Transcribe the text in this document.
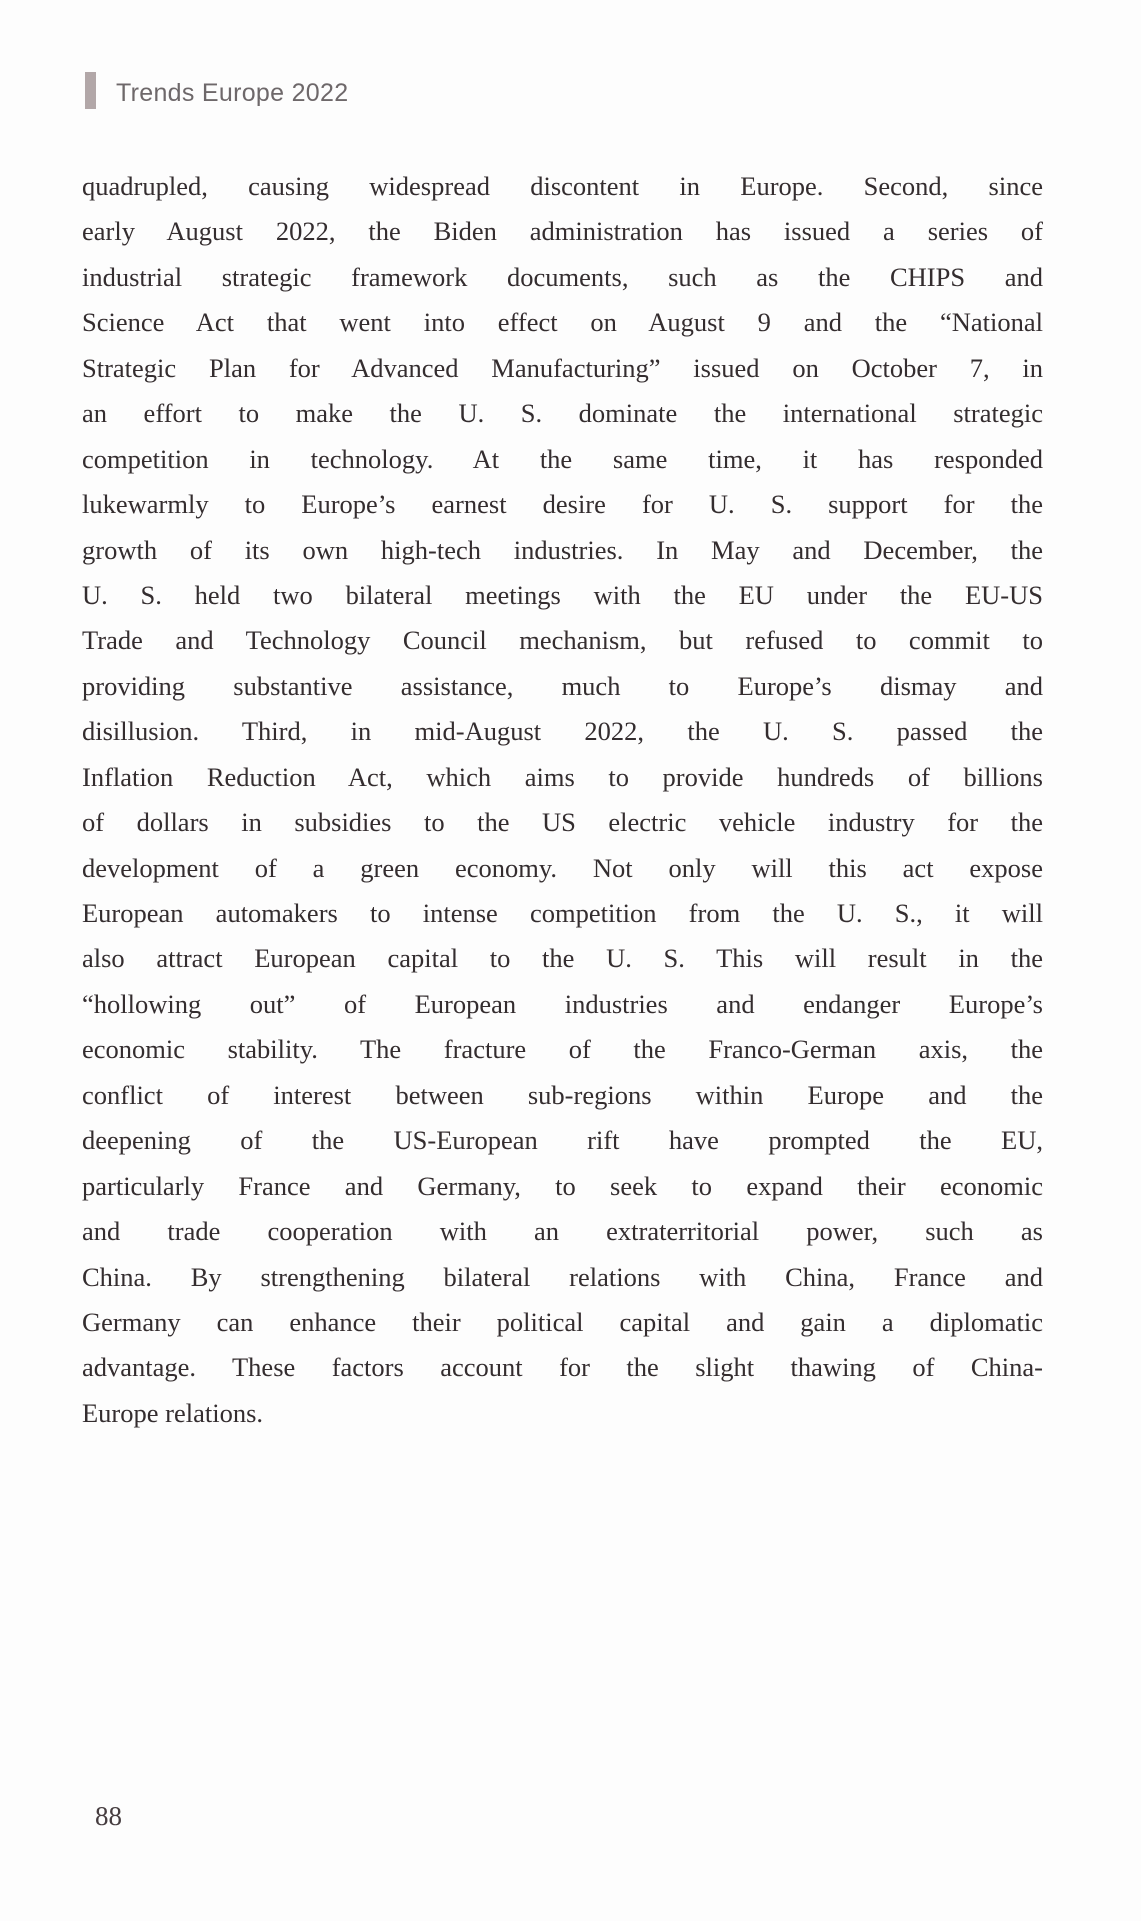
Trends Europe 2022
quadrupled, causing widespread discontent in Europe. Second, since
early August 2022, the Biden administration has issued a series of
industrial strategic framework documents, such as the CHIPS and
Science Act that went into effect on August 9 and the “National
Strategic Plan for Advanced Manufacturing” issued on October 7, in
an effort to make the U. S. dominate the international strategic
competition in technology. At the same time, it has responded
lukewarmly to Europe’s earnest desire for U. S. support for the
growth of its own high-tech industries. In May and December, the
U. S. held two bilateral meetings with the EU under the EU-US
Trade and Technology Council mechanism, but refused to commit to
providing substantive assistance, much to Europe’s dismay and
disillusion. Third, in mid-August 2022, the U. S. passed the
Inflation Reduction Act, which aims to provide hundreds of billions
of dollars in subsidies to the US electric vehicle industry for the
development of a green economy. Not only will this act expose
European automakers to intense competition from the U. S., it will
also attract European capital to the U. S. This will result in the
“hollowing out” of European industries and endanger Europe’s
economic stability. The fracture of the Franco-German axis, the
conflict of interest between sub-regions within Europe and the
deepening of the US-European rift have prompted the EU,
particularly France and Germany, to seek to expand their economic
and trade cooperation with an extraterritorial power, such as
China. By strengthening bilateral relations with China, France and
Germany can enhance their political capital and gain a diplomatic
advantage. These factors account for the slight thawing of China-
Europe relations.
88
